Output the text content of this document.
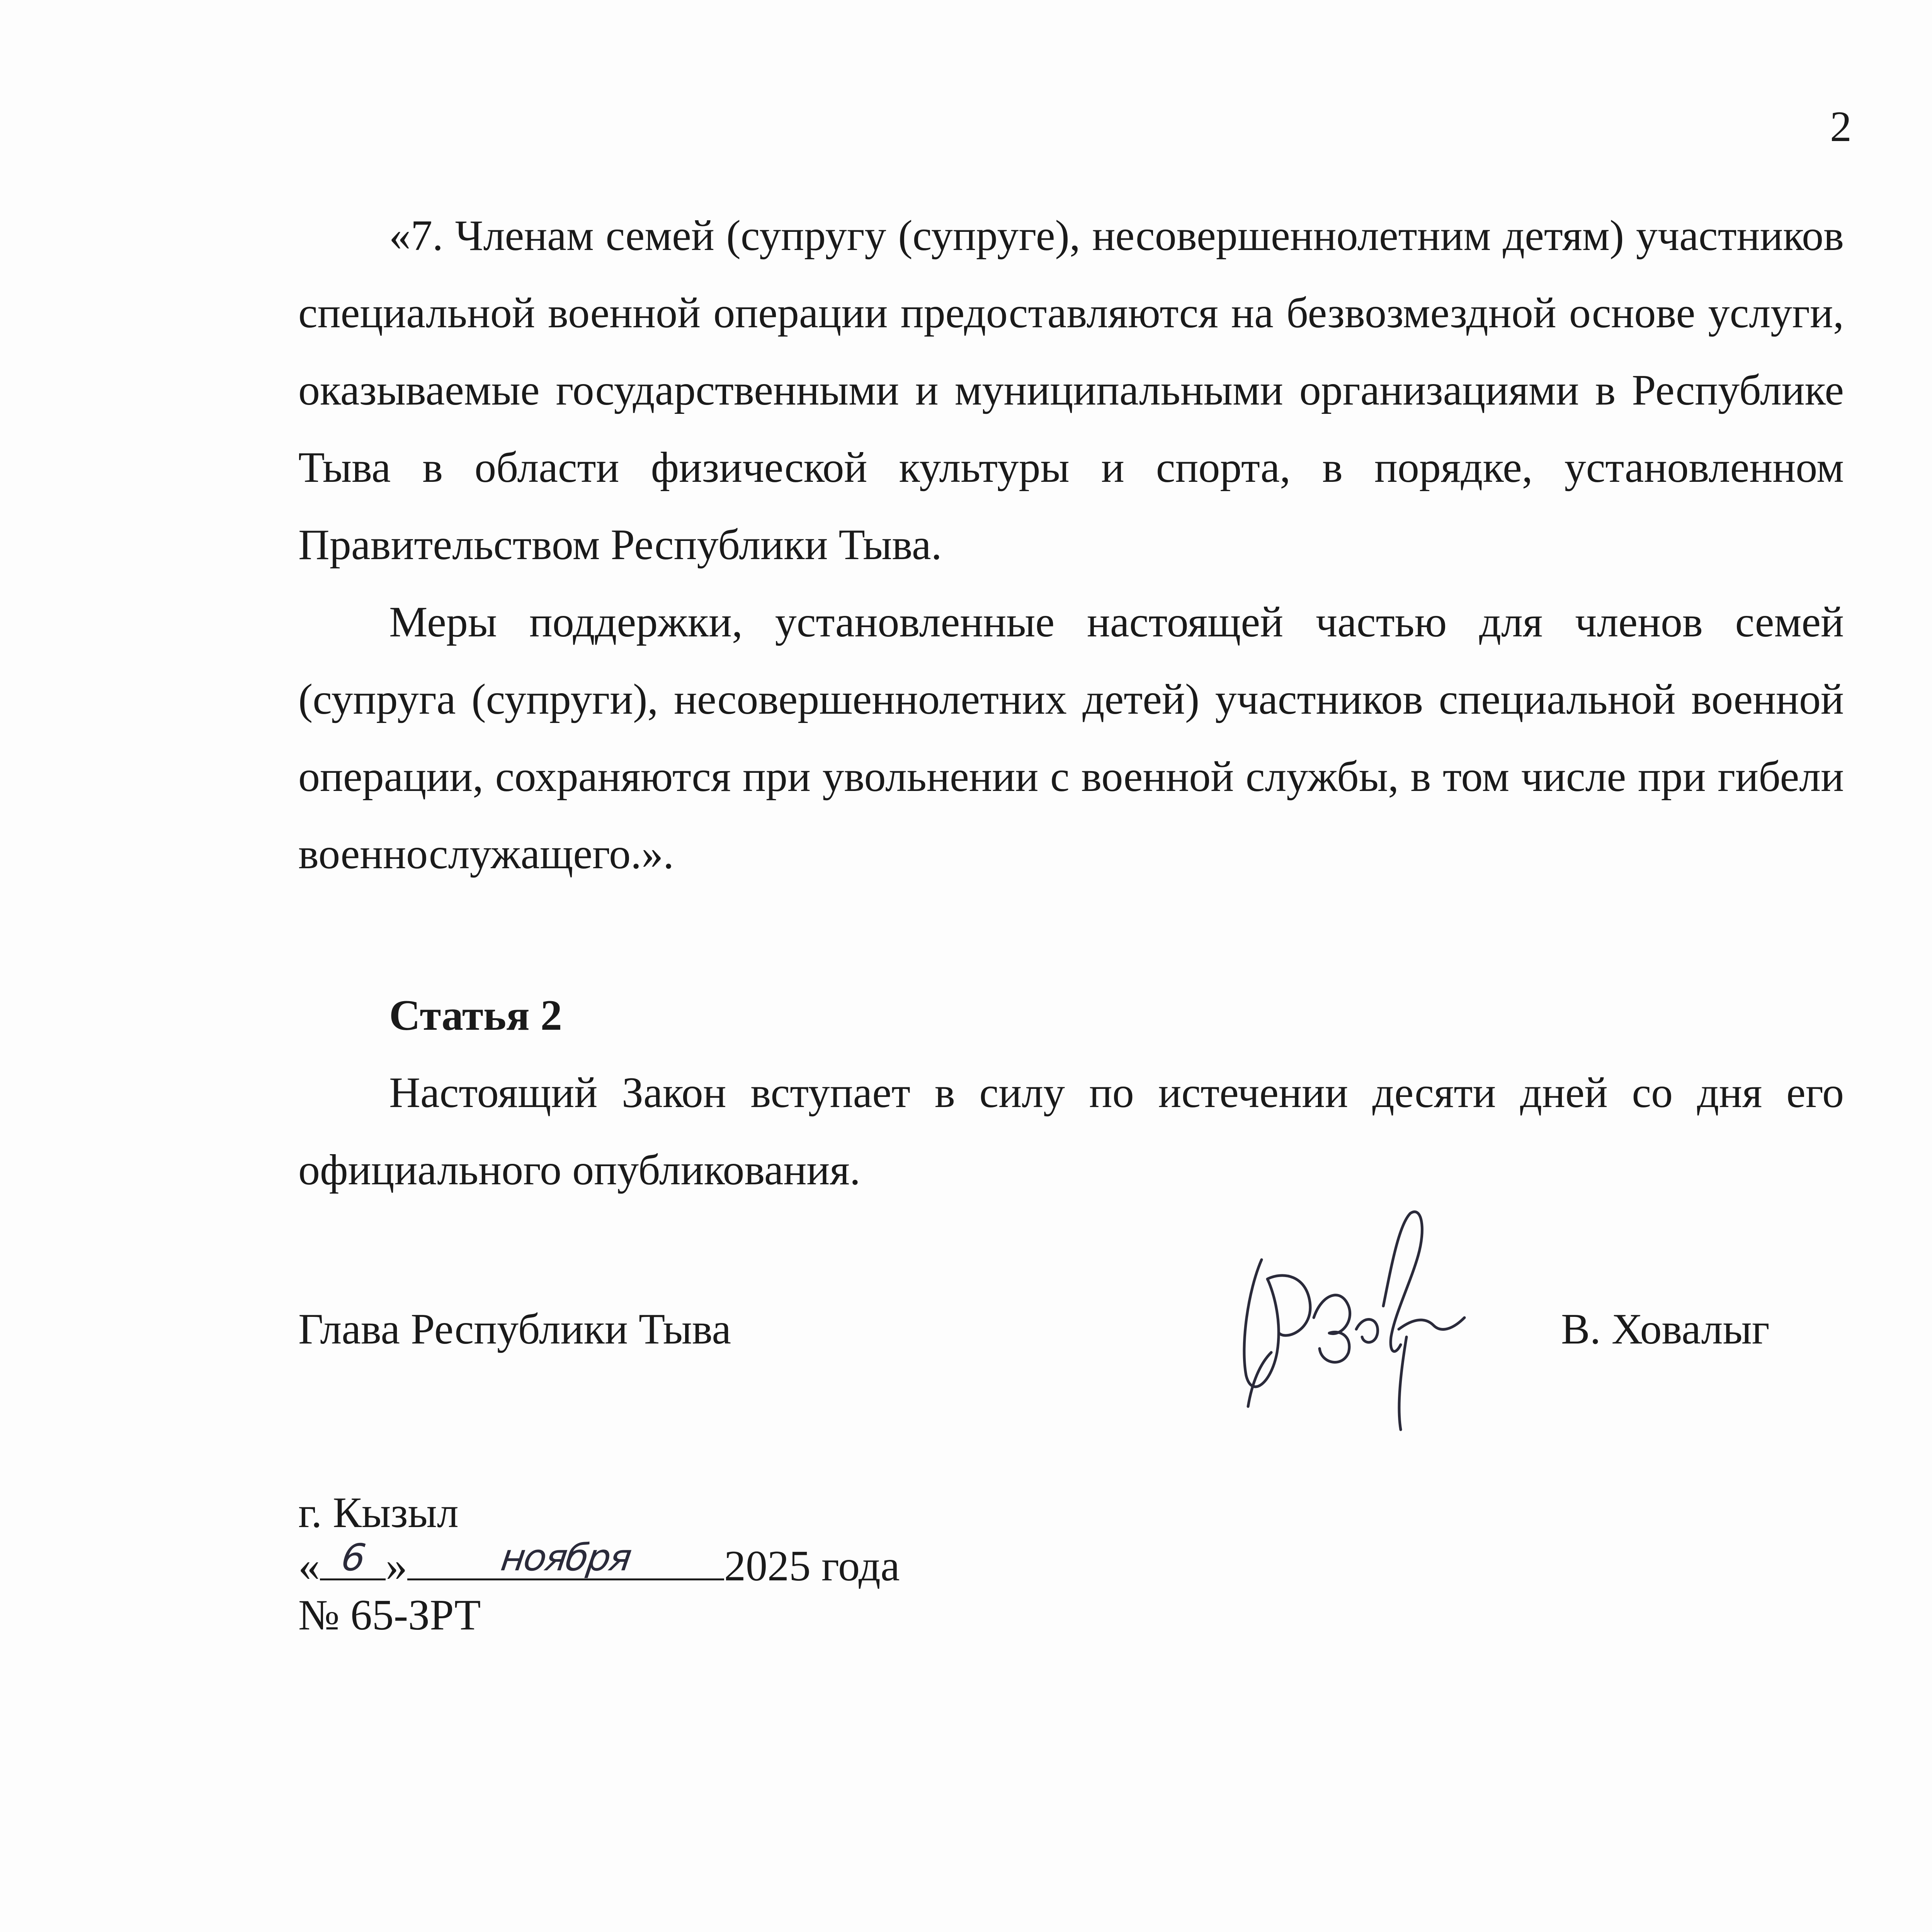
2

«7. Членам семей (супругу (супруге), несовершеннолетним детям) участников специальной военной операции предоставляются на безвозмездной основе услуги, оказываемые государственными и муниципальными организациями в Республике Тыва в области физической культуры и спорта, в порядке, установленном Правительством Республики Тыва.

Меры поддержки, установленные настоящей частью для членов семей (супруга (супруги), несовершеннолетних детей) участников специальной военной операции, сохраняются при увольнении с военной службы, в том числе при гибели военнослужащего.».

Статья 2

Настоящий Закон вступает в силу по истечении десяти дней со дня его официального опубликования.

Глава Республики Тыва	В. Ховалыг
г. Кызыл
« 6 »	ноября	2025 года
№ 65-ЗРТ
